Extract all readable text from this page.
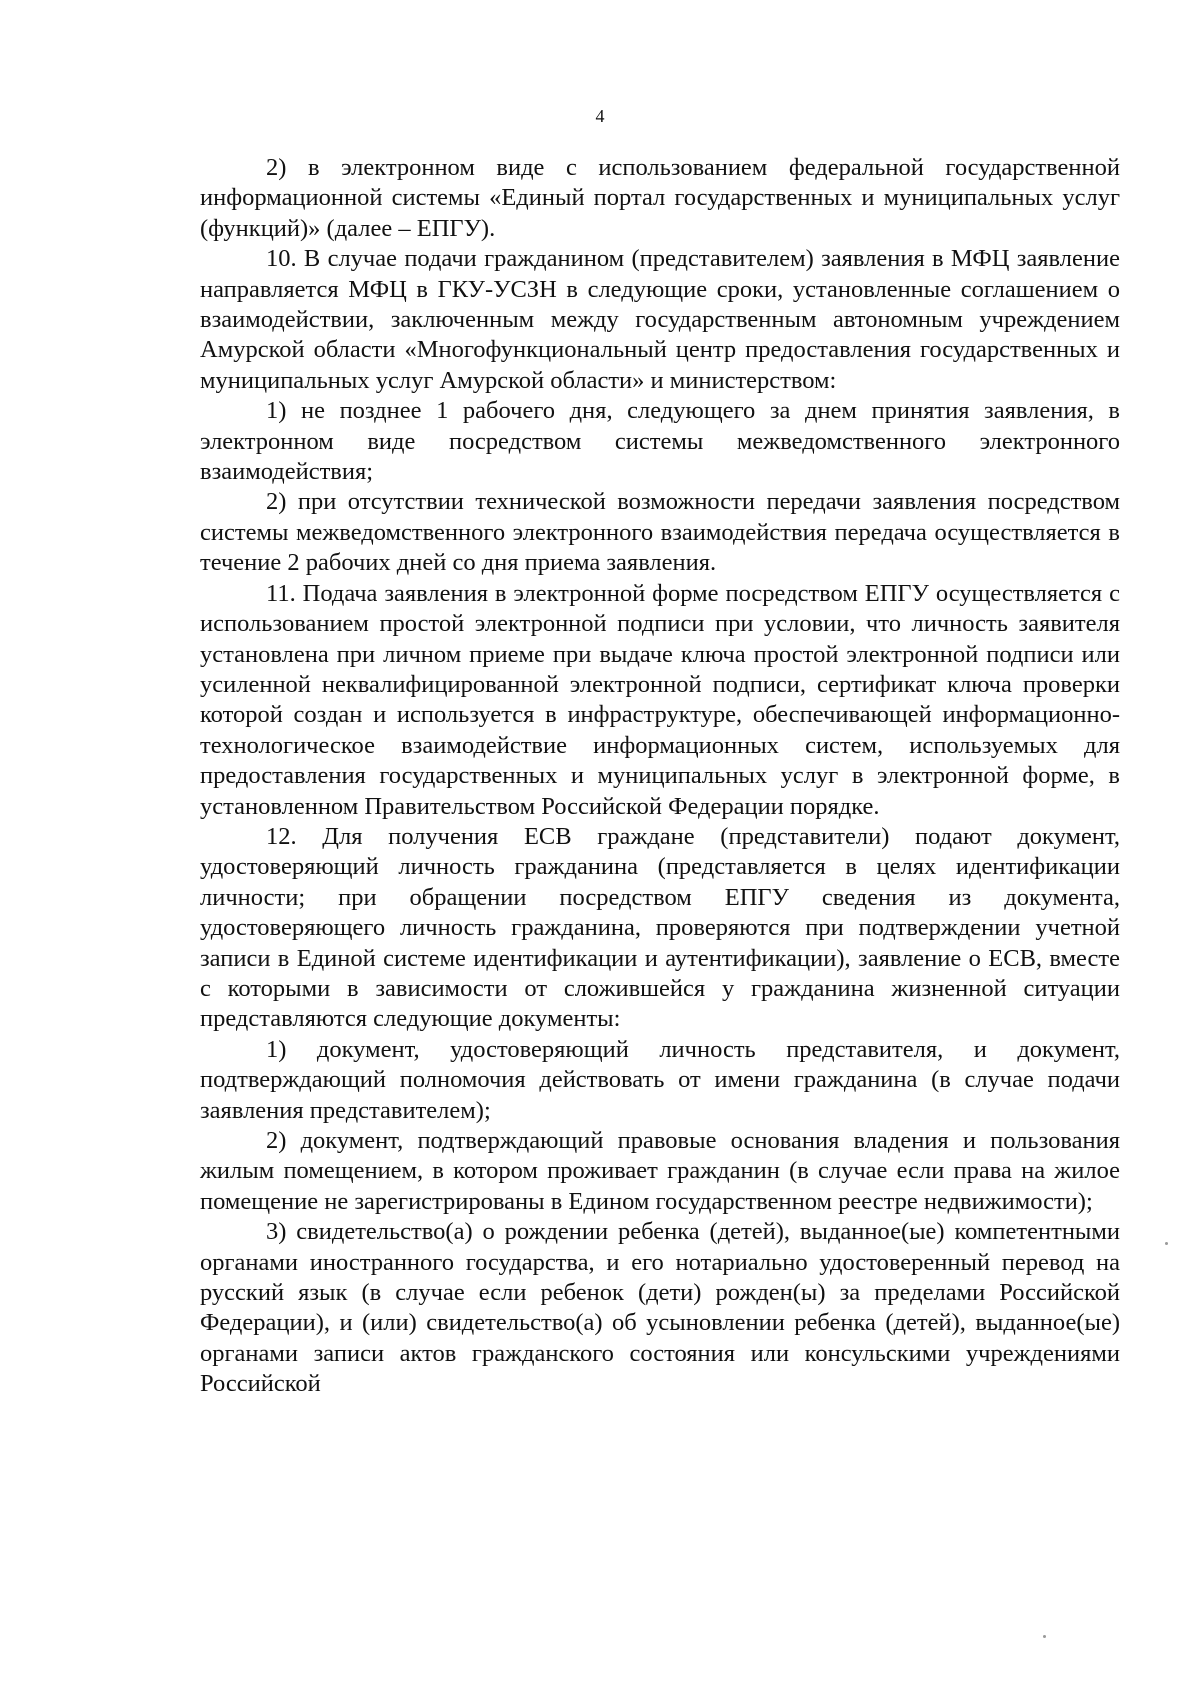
4

2) в электронном виде с использованием федеральной государственной информационной системы «Единый портал государственных и муниципальных услуг (функций)» (далее – ЕПГУ).

10. В случае подачи гражданином (представителем) заявления в МФЦ заявление направляется МФЦ в ГКУ-УСЗН в следующие сроки, установленные соглашением о взаимодействии, заключенным между государственным автономным учреждением Амурской области «Многофункциональный центр предоставления государственных и муниципальных услуг Амурской области» и министерством:

1) не позднее 1 рабочего дня, следующего за днем принятия заявления, в электронном виде посредством системы межведомственного электронного взаимодействия;

2) при отсутствии технической возможности передачи заявления посредством системы межведомственного электронного взаимодействия передача осуществляется в течение 2 рабочих дней со дня приема заявления.

11. Подача заявления в электронной форме посредством ЕПГУ осуществляется с использованием простой электронной подписи при условии, что личность заявителя установлена при личном приеме при выдаче ключа простой электронной подписи или усиленной неквалифицированной электронной подписи, сертификат ключа проверки которой создан и используется в инфраструктуре, обеспечивающей информационно-технологическое взаимодействие информационных систем, используемых для предоставления государственных и муниципальных услуг в электронной форме, в установленном Правительством Российской Федерации порядке.

12. Для получения ЕСВ граждане (представители) подают документ, удостоверяющий личность гражданина (представляется в целях идентификации личности; при обращении посредством ЕПГУ сведения из документа, удостоверяющего личность гражданина, проверяются при подтверждении учетной записи в Единой системе идентификации и аутентификации), заявление о ЕСВ, вместе с которыми в зависимости от сложившейся у гражданина жизненной ситуации представляются следующие документы:

1) документ, удостоверяющий личность представителя, и документ, подтверждающий полномочия действовать от имени гражданина (в случае подачи заявления представителем);

2) документ, подтверждающий правовые основания владения и пользования жилым помещением, в котором проживает гражданин (в случае если права на жилое помещение не зарегистрированы в Едином государственном реестре недвижимости);

3) свидетельство(а) о рождении ребенка (детей), выданное(ые) компетентными органами иностранного государства, и его нотариально удостоверенный перевод на русский язык (в случае если ребенок (дети) рожден(ы) за пределами Российской Федерации), и (или) свидетельство(а) об усыновлении ребенка (детей), выданное(ые) органами записи актов гражданского состояния или консульскими учреждениями Российской
